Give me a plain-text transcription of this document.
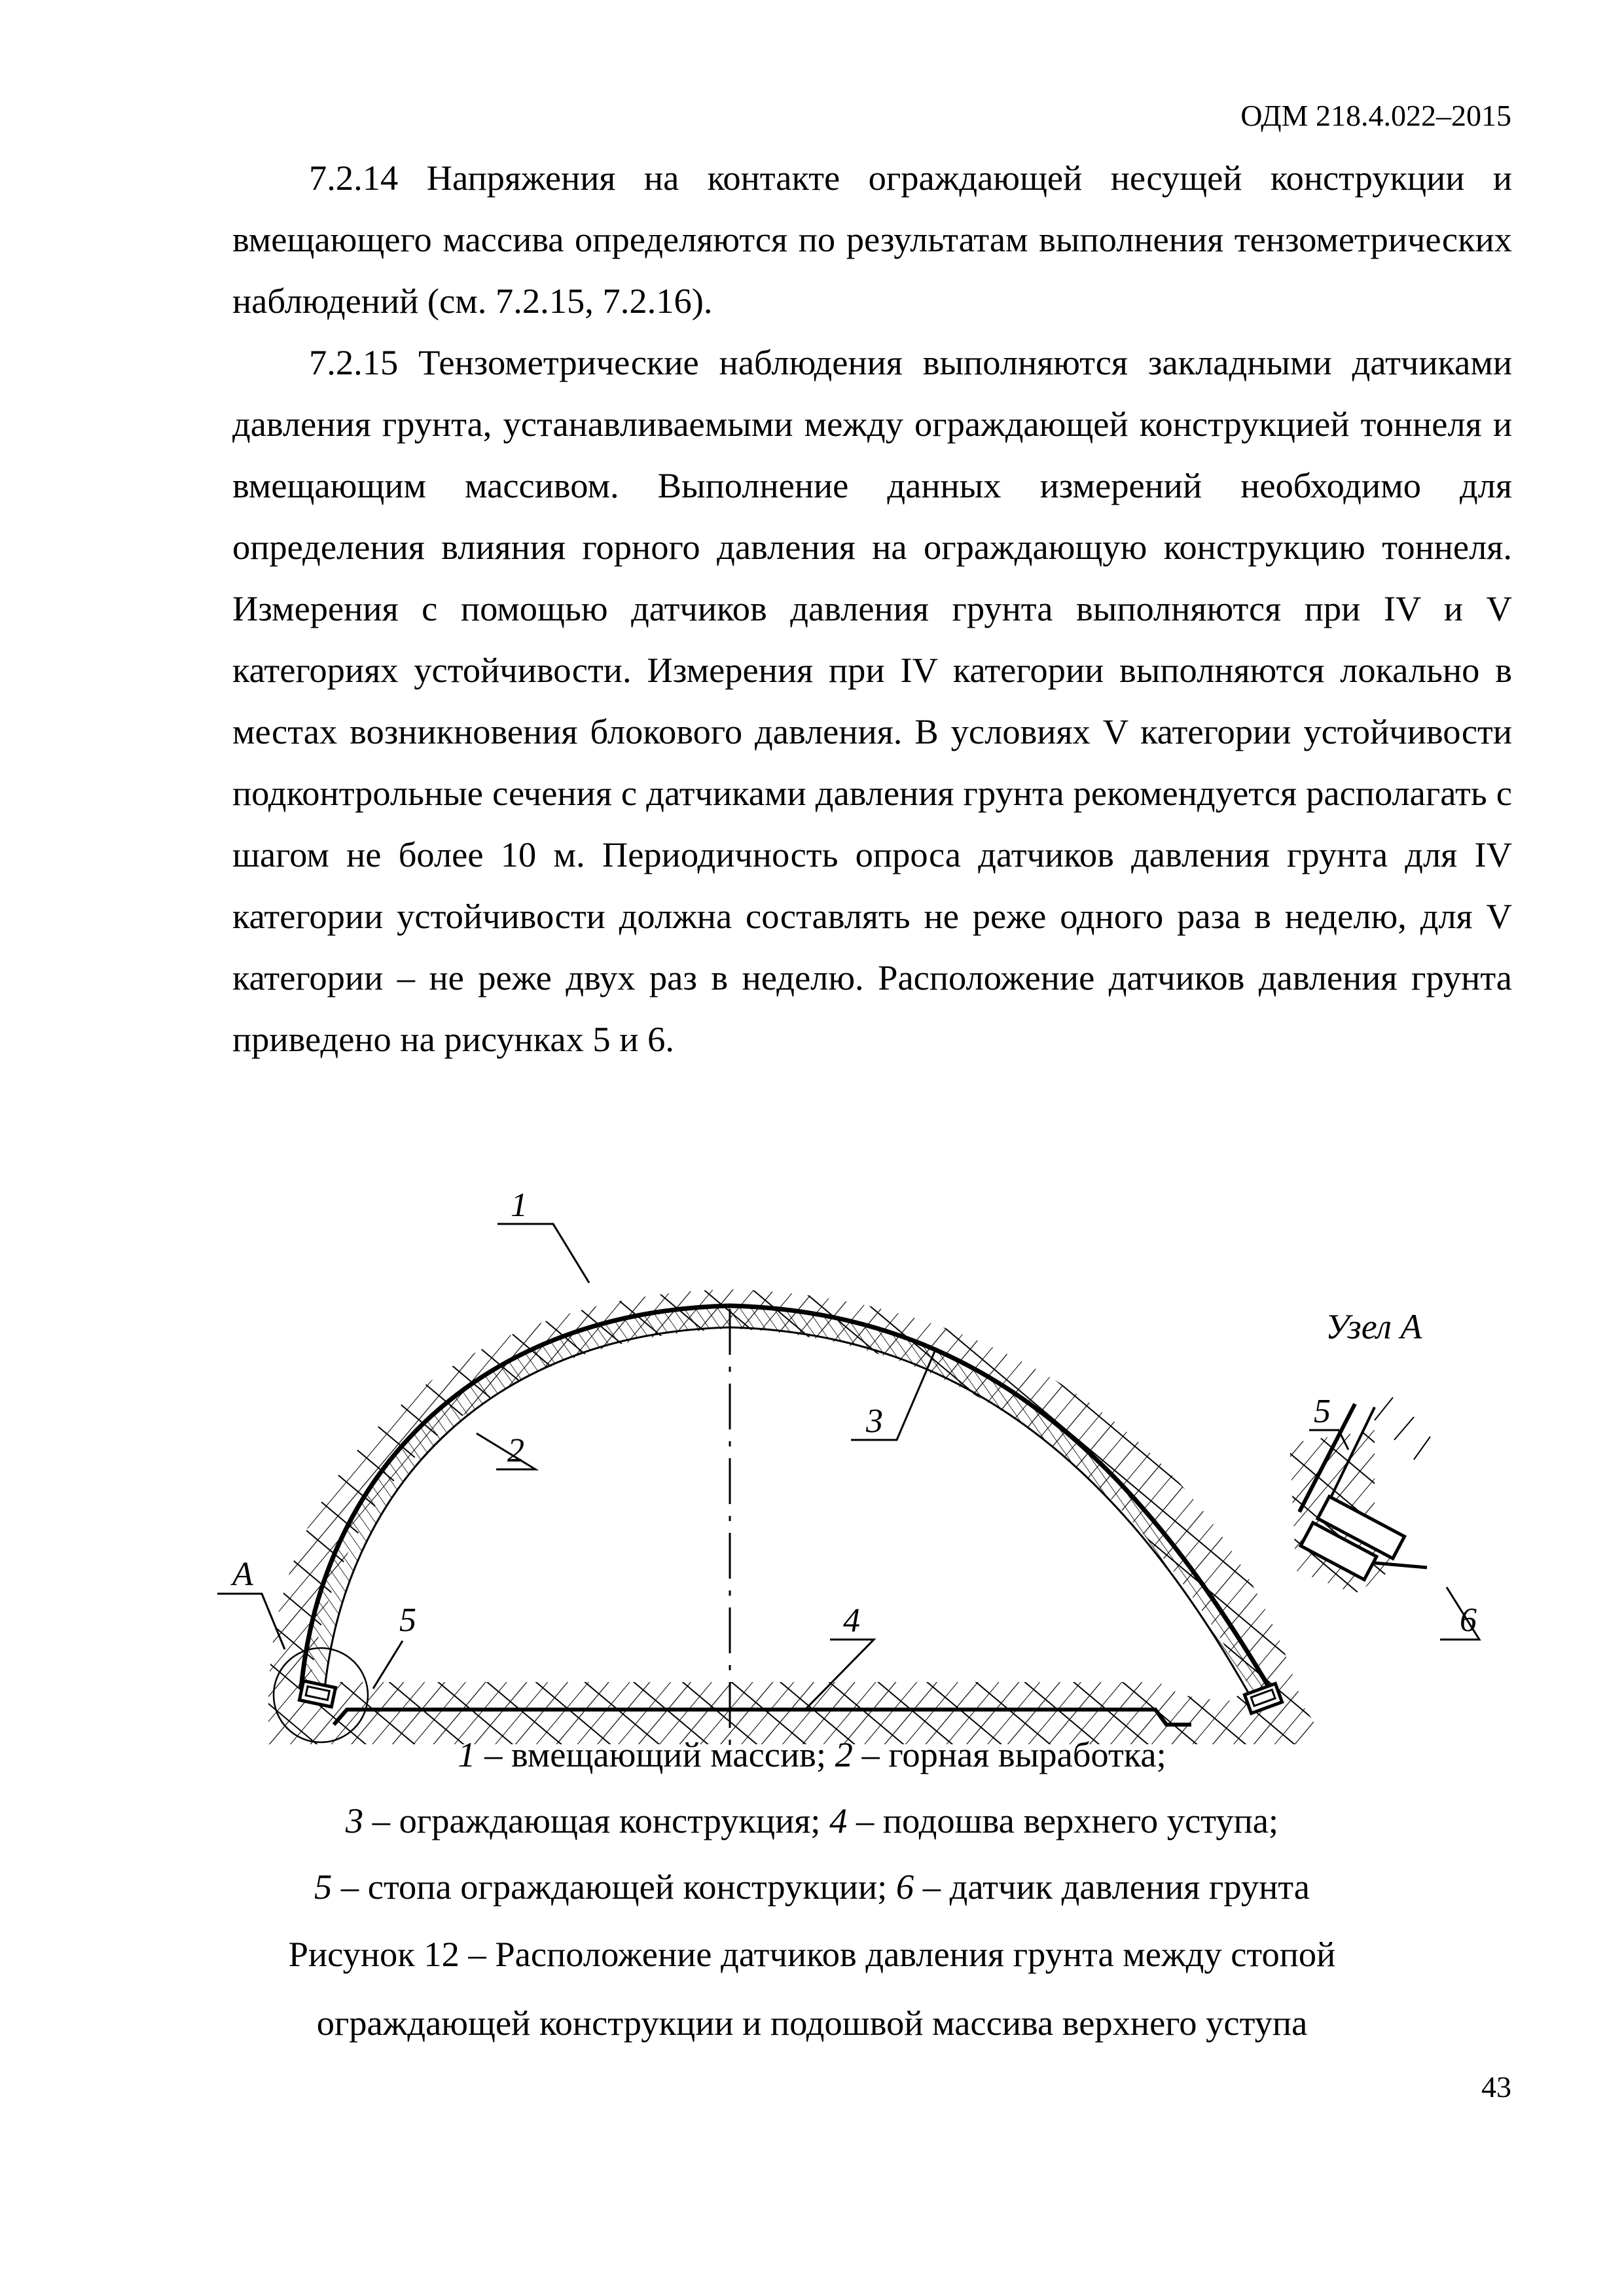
ОДМ 218.4.022–2015

7.2.14 Напряжения на контакте ограждающей несущей конструкции и вмещающего массива определяются по результатам выполнения тензометрических наблюдений (см. 7.2.15, 7.2.16).

7.2.15 Тензометрические наблюдения выполняются закладными датчиками давления грунта, устанавливаемыми между ограждающей конструкцией тоннеля и вмещающим массивом. Выполнение данных измерений необходимо для определения влияния горного давления на ограждающую конструкцию тоннеля. Измерения с помощью датчиков давления грунта выполняются при IV и V категориях устойчивости. Измерения при IV категории выполняются локально в местах возникновения блокового давления. В условиях V категории устойчивости подконтрольные сечения с датчиками давления грунта рекомендуется располагать с шагом не более 10 м. Периодичность опроса датчиков давления грунта для IV категории устойчивости должна составлять не реже одного раза в неделю, для V категории – не реже двух раз в неделю. Расположение датчиков давления грунта приведено на рисунках 5 и 6.

1
2
3
4
5
А
Узел А
5
6
1 – вмещающий массив; 2 – горная выработка;
3 – ограждающая конструкция; 4 – подошва верхнего уступа;
5 – стопа ограждающей конструкции; 6 – датчик давления грунта
Рисунок 12 – Расположение датчиков давления грунта между стопой
ограждающей конструкции и подошвой массива верхнего уступа
43
